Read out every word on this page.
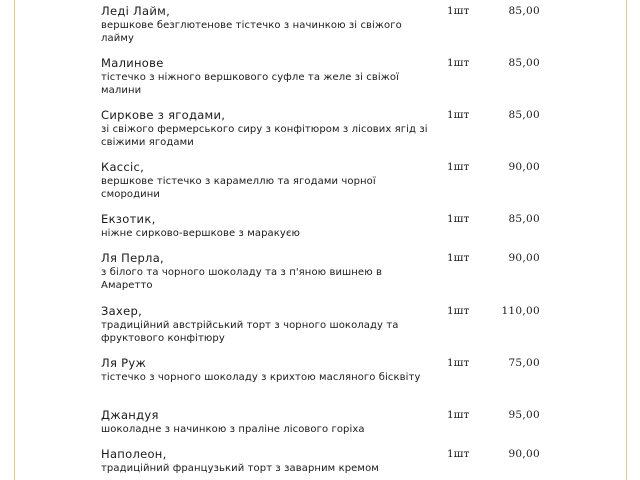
Леді Лайм,
вершкове безглютенове тістечко з начинкою зі свіжого лайму
1шт	85,00
Малинове
тістечко з ніжного вершкового суфле та желе зі свіжої малини
1шт	85,00
Сиркове з ягодами,
зі свіжого фермерського сиру з конфітюром з лісових ягід зі свіжими ягодами
1шт	85,00
Кассіс,
вершкове тістечко з карамеллю та ягодами чорної смородини
1шт	90,00
Екзотик,
ніжне сирково-вершкове з маракуєю
1шт	85,00
Ля Перла,
з білого та чорного шоколаду та з п'яною вишнею в Амаретто
1шт	90,00
Захер,
традиційний австрійський торт з чорного шоколаду та фруктового конфітюру
1шт	110,00
Ля Руж
тістечко з чорного шоколаду з крихтою масляного бісквіту
1шт	75,00
Джандуя
шоколадне з начинкою з праліне лісового горіха
1шт	95,00
Наполеон,
традиційний французький торт з заварним кремом
1шт	90,00
